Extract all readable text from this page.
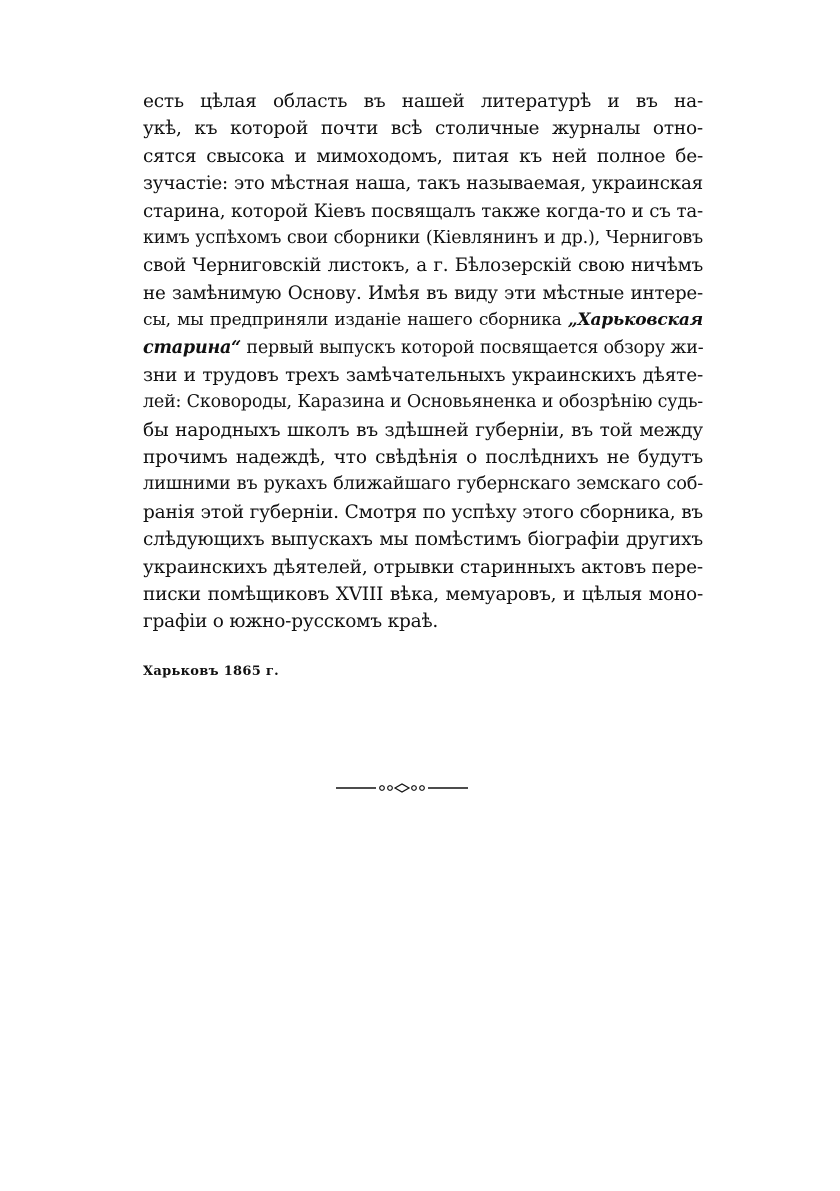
есть цѣлая область въ нашей литературѣ и въ на-
укѣ, къ которой почти всѣ столичные журналы отно-
сятся свысока и мимоходомъ, питая къ ней полное бе-
зучастіе: это мѣстная наша, такъ называемая, украинская
старина, которой Кіевъ посвящалъ также когда-то и съ та-
кимъ успѣхомъ свои сборники (Кіевлянинъ и др.), Черниговъ
свой Черниговскій листокъ, а г. Бѣлозерскій свою ничѣмъ
не замѣнимую Основу. Имѣя въ виду эти мѣстные интере-
сы, мы предприняли изданіе нашего сборника „Харьковская
старина“ первый выпускъ которой посвящается обзору жи-
зни и трудовъ трехъ замѣчательныхъ украинскихъ дѣяте-
лей: Сковороды, Каразина и Основьяненка и обозрѣнію судь-
бы народныхъ школъ въ здѣшней губерніи, въ той между
прочимъ надеждѣ, что свѣдѣнія о послѣднихъ не будутъ
лишними въ рукахъ ближайшаго губернскаго земскаго соб-
ранія этой губерніи. Смотря по успѣху этого сборника, въ
слѣдующихъ выпускахъ мы помѣстимъ біографіи другихъ
украинскихъ дѣятелей, отрывки старинныхъ актовъ пере-
писки помѣщиковъ XVIII вѣка, мемуаровъ, и цѣлыя моно-
графіи о южно-русскомъ краѣ.
Харьковъ 1865 г.
